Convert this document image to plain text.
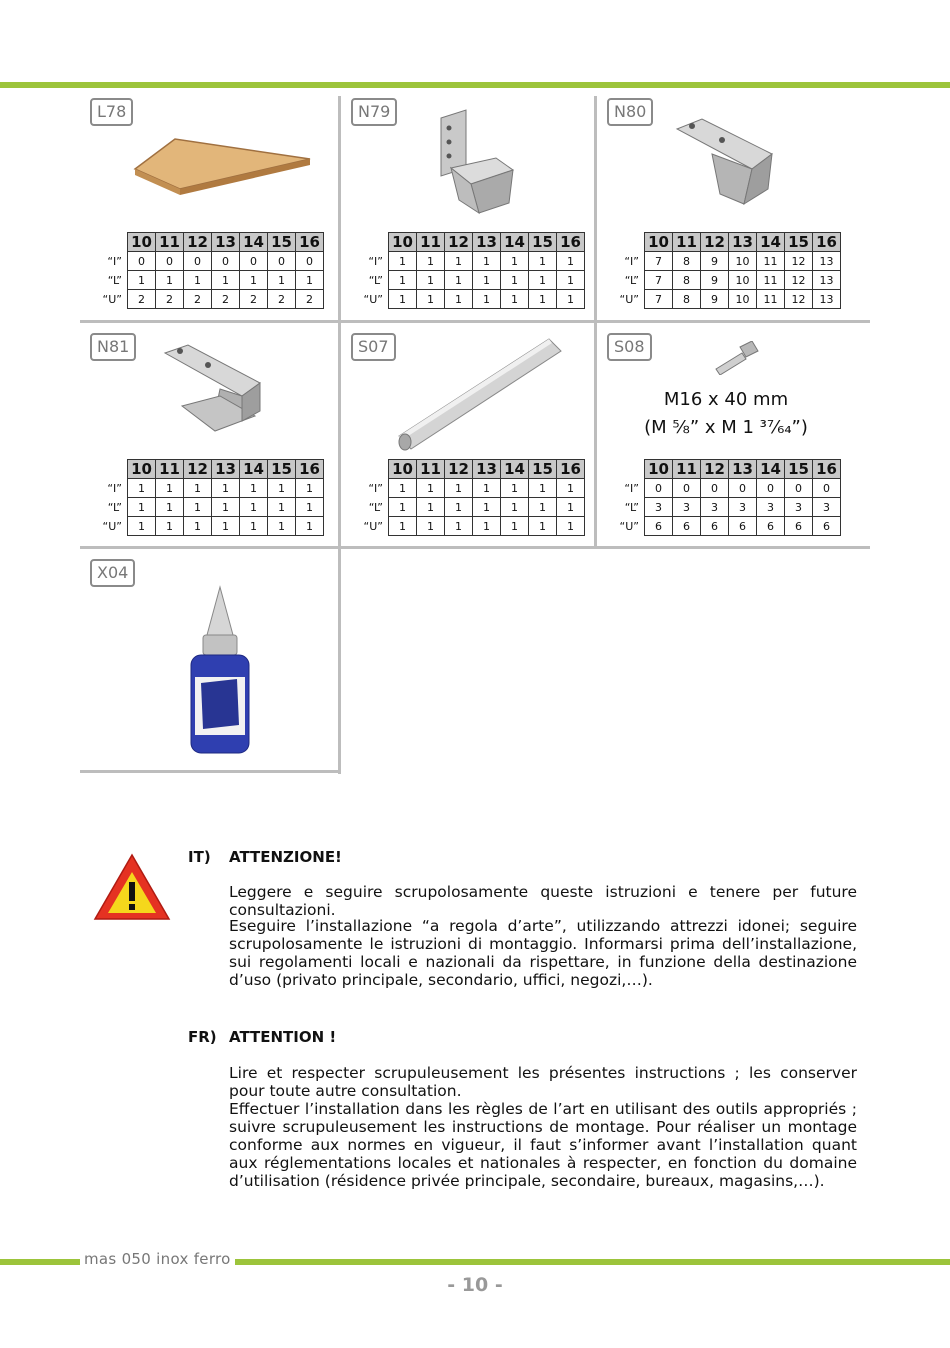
L78
	10	11	12	13	14	15	16
“I”	0	0	0	0	0	0	0
“L”	1	1	1	1	1	1	1
“U”	2	2	2	2	2	2	2
N79
	10	11	12	13	14	15	16
“I”	1	1	1	1	1	1	1
“L”	1	1	1	1	1	1	1
“U”	1	1	1	1	1	1	1
N80
	10	11	12	13	14	15	16
“I”	7	8	9	10	11	12	13
“L”	7	8	9	10	11	12	13
“U”	7	8	9	10	11	12	13
N81
	10	11	12	13	14	15	16
“I”	1	1	1	1	1	1	1
“L”	1	1	1	1	1	1	1
“U”	1	1	1	1	1	1	1
S07
	10	11	12	13	14	15	16
“I”	1	1	1	1	1	1	1
“L”	1	1	1	1	1	1	1
“U”	1	1	1	1	1	1	1
S08
M16 x 40 mm
(M ⅝” x M 1 ³⁷⁄₆₄”)
	10	11	12	13	14	15	16
“I”	0	0	0	0	0	0	0
“L”	3	3	3	3	3	3	3
“U”	6	6	6	6	6	6	6
X04
IT) ATTENZIONE!
Leggere e seguire scrupolosamente queste istruzioni e tenere per future consultazioni.
Eseguire l’installazione “a regola d’arte”, utilizzando attrezzi idonei; seguire scrupolosamente le istruzioni di montaggio. Informarsi prima dell’installazione, sui regolamenti locali e nazionali da rispettare, in funzione della destinazione d’uso (privato principale, secondario, uffici, negozi,…).
FR) ATTENTION !
Lire et respecter scrupuleusement les présentes instructions ; les conserver pour toute autre consultation.
Effectuer l’installation dans les règles de l’art en utilisant des outils appropriés ; suivre scrupuleusement les instructions de montage. Pour réaliser un montage conforme aux normes en vigueur, il faut s’informer avant l’installation quant aux réglementations locales et nationales à respecter, en fonction du domaine d’utilisation (résidence privée principale, secondaire, bureaux, magasins,…).
mas 050 inox ferro
- 10 -
